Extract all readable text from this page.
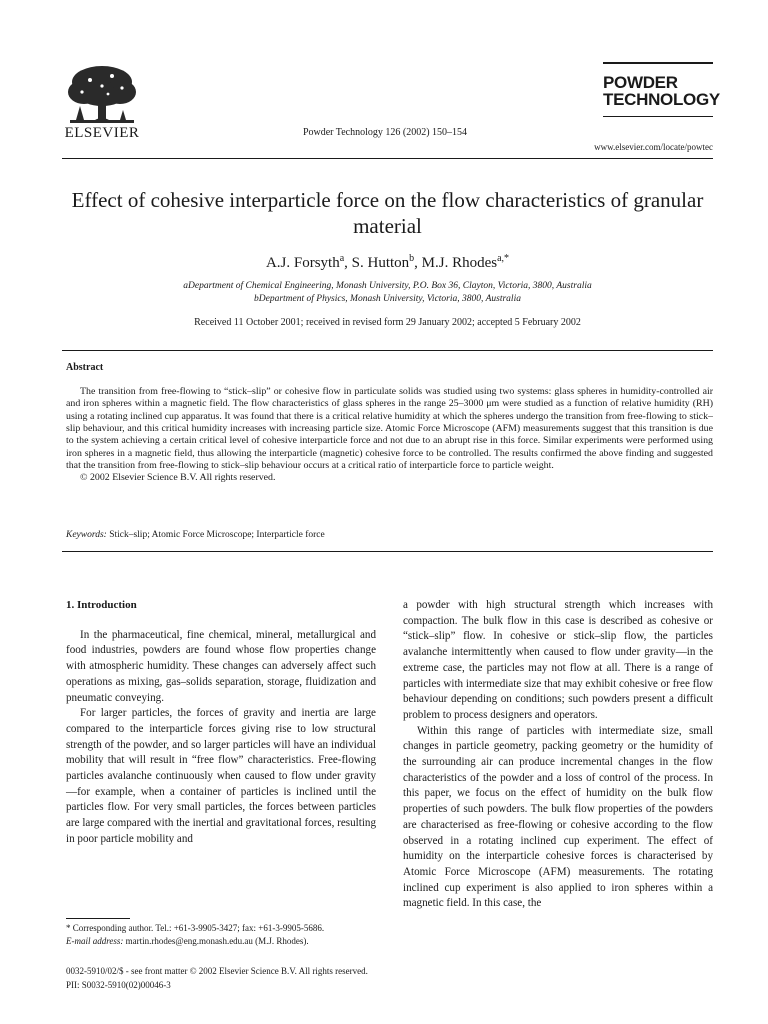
ELSEVIER	Powder Technology 126 (2002) 150–154
POWDER
TECHNOLOGY
www.elsevier.com/locate/powtec
Effect of cohesive interparticle force on the flow characteristics of granular material
A.J. Forsyth$^a$, S. Hutton$^b$, M.J. Rhodes$^{a,*}$
aDepartment of Chemical Engineering, Monash University, P.O. Box 36, Clayton, Victoria, 3800, Australia
bDepartment of Physics, Monash University, Victoria, 3800, Australia
Received 11 October 2001; received in revised form 29 January 2002; accepted 5 February 2002
Abstract

The transition from free-flowing to “stick–slip” or cohesive flow in particulate solids was studied using two systems: glass spheres in humidity-controlled air and iron spheres within a magnetic field. The flow characteristics of glass spheres in the range 25–3000 μm were studied as a function of relative humidity (RH) using a rotating inclined cup apparatus. It was found that there is a critical relative humidity at which the spheres undergo the transition from free-flowing to stick–slip behaviour, and this critical humidity increases with increasing particle size. Atomic Force Microscope (AFM) measurements suggest that this transition is due to the system achieving a certain critical level of cohesive interparticle force and not due to an abrupt rise in this force. Similar experiments were performed using iron spheres in a magnetic field, thus allowing the interparticle (magnetic) cohesive force to be controlled. The results confirmed the above finding and suggested that the transition from free-flowing to stick–slip behaviour occurs at a critical ratio of interparticle force to particle weight.

© 2002 Elsevier Science B.V. All rights reserved.

Keywords: Stick–slip; Atomic Force Microscope; Interparticle force
1. Introduction

In the pharmaceutical, fine chemical, mineral, metallurgical and food industries, powders are found whose flow properties change with atmospheric humidity. These changes can adversely affect such operations as mixing, gas–solids separation, storage, fluidization and pneumatic conveying.

For larger particles, the forces of gravity and inertia are large compared to the interparticle forces giving rise to low structural strength of the powder, and so larger particles will have an individual mobility that will result in “free flow” characteristics. Free-flowing particles avalanche continuously when caused to flow under gravity—for example, when a container of particles is inclined until the particles flow. For very small particles, the forces between particles are large compared with the inertial and gravitational forces, resulting in poor particle mobility and

a powder with high structural strength which increases with compaction. The bulk flow in this case is described as cohesive or “stick–slip” flow. In cohesive or stick–slip flow, the particles avalanche intermittently when caused to flow under gravity—in the extreme case, the particles may not flow at all. There is a range of particles with intermediate size that may exhibit cohesive or free flow behaviour depending on conditions; such powders present a difficult problem to process designers and operators.

Within this range of particles with intermediate size, small changes in particle geometry, packing geometry or the humidity of the surrounding air can produce incremental changes in the flow characteristics of the powder and a loss of control of the process. In this paper, we focus on the effect of humidity on the bulk flow properties of such powders. The bulk flow properties of the powders are characterised as free-flowing or cohesive according to the flow observed in a rotating inclined cup experiment. The effect of humidity on the interparticle cohesive forces is characterised by Atomic Force Microscope (AFM) measurements. The rotating inclined cup experiment is also applied to iron spheres within a magnetic field. In this case, the

* Corresponding author. Tel.: +61-3-9905-3427; fax: +61-3-9905-5686.
E-mail address: martin.rhodes@eng.monash.edu.au (M.J. Rhodes).
0032-5910/02/$ - see front matter © 2002 Elsevier Science B.V. All rights reserved.
PII: S0032-5910(02)00046-3
